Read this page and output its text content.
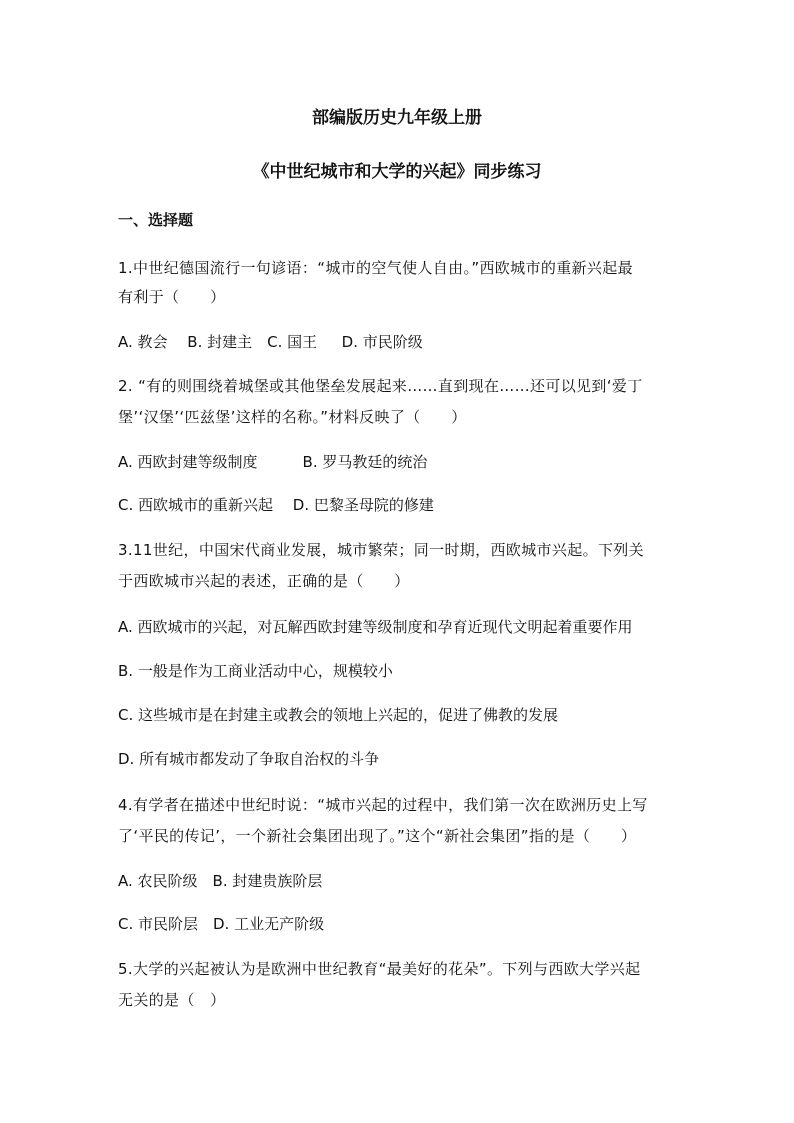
部编版历史九年级上册
《中世纪城市和大学的兴起》同步练习
一、选择题
1.中世纪德国流行一句谚语：“城市的空气使人自由。”西欧城市的重新兴起最
有利于（　　）
A. 教会　 B. 封建主　C. 国王　  D. 市民阶级
2. “有的则围绕着城堡或其他堡垒发展起来……直到现在……还可以见到‘爱丁
堡’‘汉堡’‘匹兹堡’这样的名称。”材料反映了（　　）
A. 西欧封建等级制度　　　B. 罗马教廷的统治
C. 西欧城市的重新兴起　 D. 巴黎圣母院的修建
3.11世纪，中国宋代商业发展，城市繁荣；同一时期，西欧城市兴起。下列关
于西欧城市兴起的表述，正确的是（　　）
A. 西欧城市的兴起，对瓦解西欧封建等级制度和孕育近现代文明起着重要作用
B. 一般是作为工商业活动中心，规模较小
C. 这些城市是在封建主或教会的领地上兴起的，促进了佛教的发展
D. 所有城市都发动了争取自治权的斗争
4.有学者在描述中世纪时说：“城市兴起的过程中，我们第一次在欧洲历史上写
了‘平民的传记’，一个新社会集团出现了。”这个“新社会集团”指的是（　　）
A. 农民阶级　B. 封建贵族阶层
C. 市民阶层　D. 工业无产阶级
5.大学的兴起被认为是欧洲中世纪教育“最美好的花朵”。下列与西欧大学兴起
无关的是（　）
